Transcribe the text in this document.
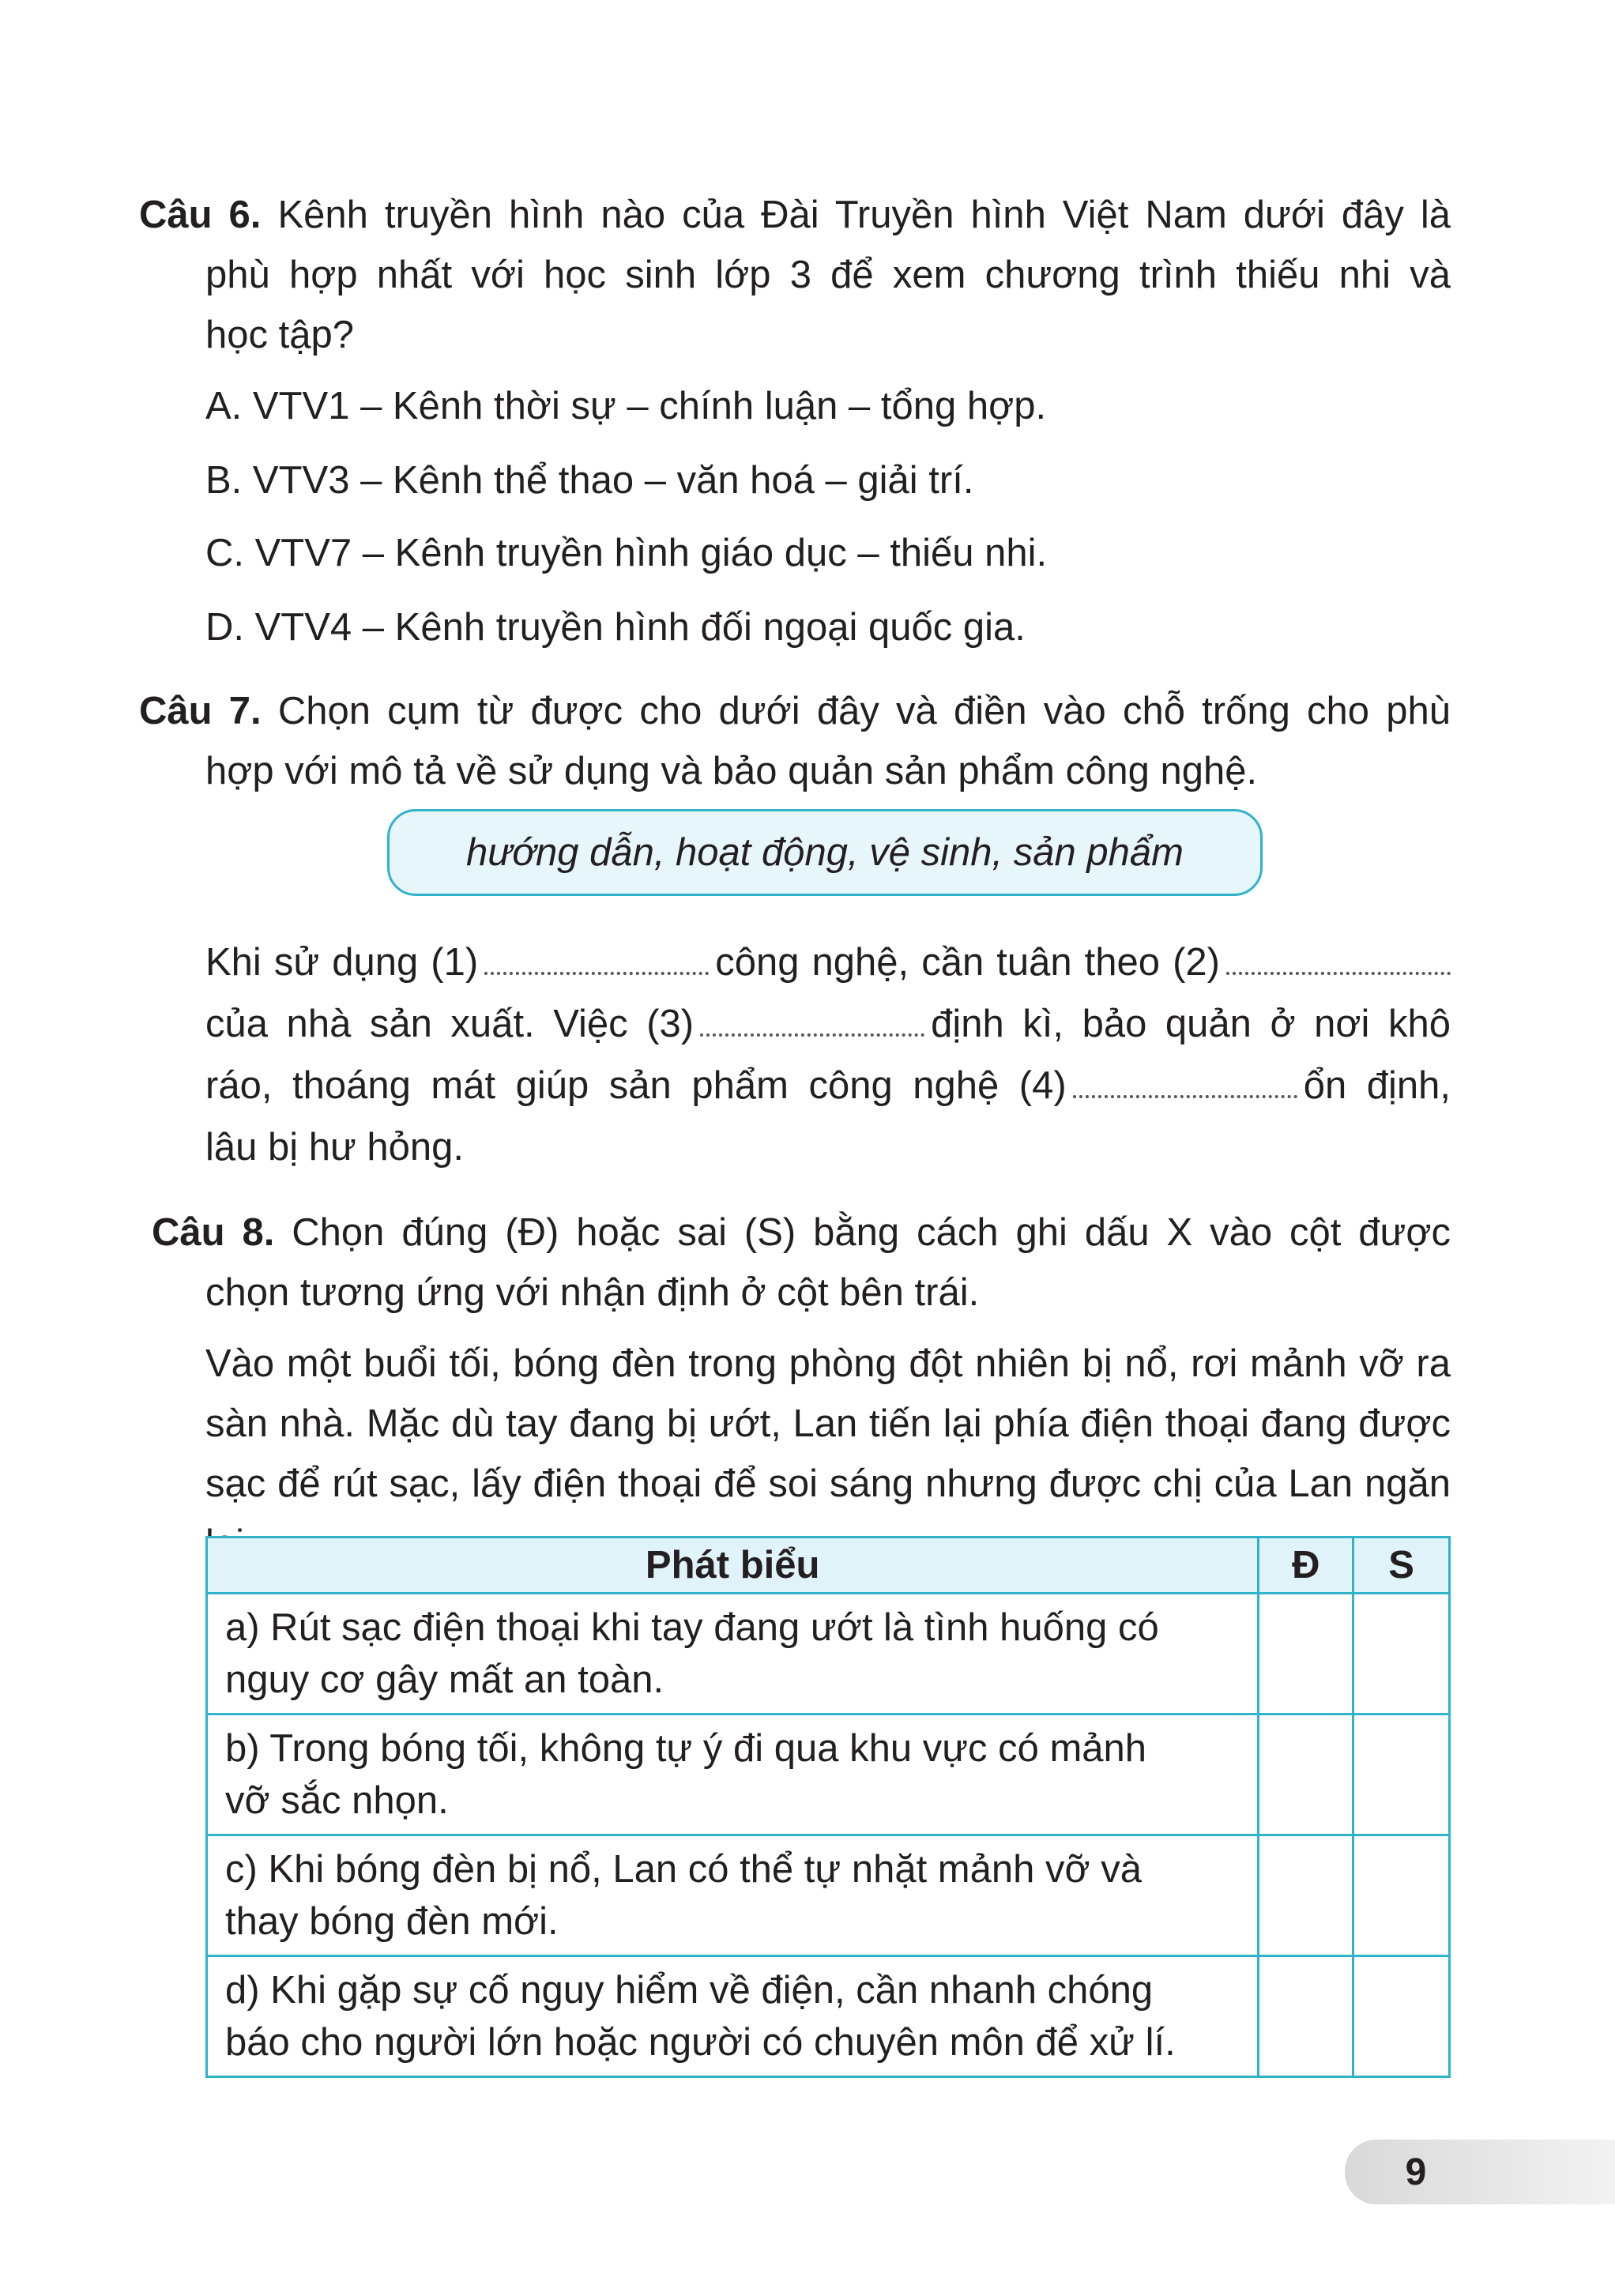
Câu 6. Kênh truyền hình nào của Đài Truyền hình Việt Nam dưới đây là

phù hợp nhất với học sinh lớp 3 để xem chương trình thiếu nhi và

học tập?

A. VTV1 – Kênh thời sự – chính luận – tổng hợp.

B. VTV3 – Kênh thể thao – văn hoá – giải trí.

C. VTV7 – Kênh truyền hình giáo dục – thiếu nhi.

D. VTV4 – Kênh truyền hình đối ngoại quốc gia.

Câu 7. Chọn cụm từ được cho dưới đây và điền vào chỗ trống cho phù

hợp với mô tả về sử dụng và bảo quản sản phẩm công nghệ.

hướng dẫn, hoạt động, vệ sinh, sản phẩm

Khi sử dụng (1)	công nghệ, cần tuân theo (2)

của nhà sản xuất. Việc (3)	định kì, bảo quản ở nơi khô

ráo, thoáng mát giúp sản phẩm công nghệ (4)	ổn định,

lâu bị hư hỏng.

Câu 8. Chọn đúng (Đ) hoặc sai (S) bằng cách ghi dấu X vào cột được

chọn tương ứng với nhận định ở cột bên trái.

Vào một buổi tối, bóng đèn trong phòng đột nhiên bị nổ, rơi mảnh vỡ ra

sàn nhà. Mặc dù tay đang bị ướt, Lan tiến lại phía điện thoại đang được

sạc để rút sạc, lấy điện thoại để soi sáng nhưng được chị của Lan ngăn

Phát biểu	Đ	S
a) Rút sạc điện thoại khi tay đang ướt là tình huống có
nguy cơ gây mất an toàn.		
b) Trong bóng tối, không tự ý đi qua khu vực có mảnh
vỡ sắc nhọn.		
c) Khi bóng đèn bị nổ, Lan có thể tự nhặt mảnh vỡ và
thay bóng đèn mới.		
d) Khi gặp sự cố nguy hiểm về điện, cần nhanh chóng
báo cho người lớn hoặc người có chuyên môn để xử lí.		
9
